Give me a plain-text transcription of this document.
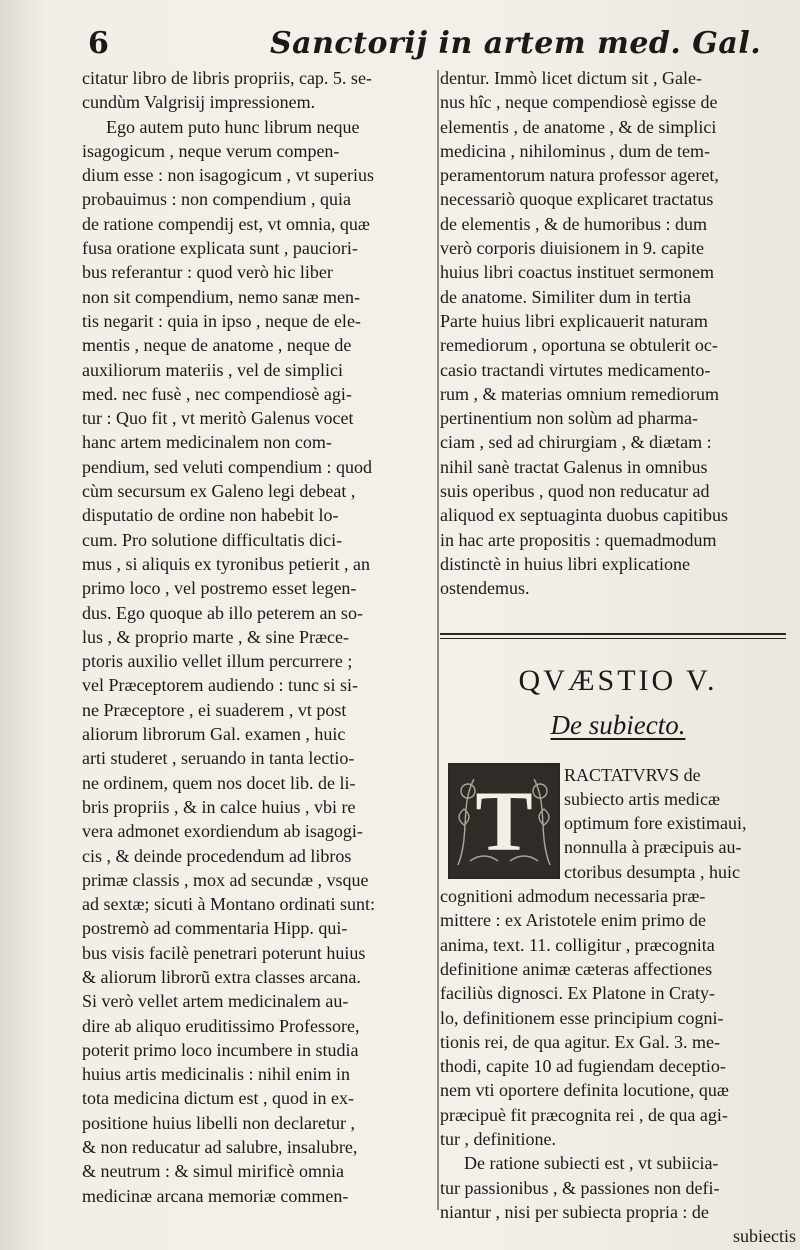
6	Sanctorij in artem med. Gal.
citatur libro de libris propriis, cap. 5. se-
cundùm Valgrisij impressionem.
Ego autem puto hunc librum neque
isagogicum , neque verum compen-
dium esse : non isagogicum , vt superius
probauimus : non compendium , quia
de ratione compendij est, vt omnia, quæ
fusa oratione explicata sunt , pauciori-
bus referantur : quod verò hic liber
non sit compendium, nemo sanæ men-
tis negarit : quia in ipso , neque de ele-
mentis , neque de anatome , neque de
auxiliorum materiis , vel de simplici
med. nec fusè , nec compendiosè agi-
tur : Quo fit , vt meritò Galenus vocet
hanc artem medicinalem non com-
pendium, sed veluti compendium : quod
cùm secursum ex Galeno legi debeat ,
disputatio de ordine non habebit lo-
cum. Pro solutione difficultatis dici-
mus , si aliquis ex tyronibus petierit , an
primo loco , vel postremo esset legen-
dus. Ego quoque ab illo peterem an so-
lus , & proprio marte , & sine Præce-
ptoris auxilio vellet illum percurrere ;
vel Præceptorem audiendo : tunc si si-
ne Præceptore , ei suaderem , vt post
aliorum librorum Gal. examen , huic
arti studeret , seruando in tanta lectio-
ne ordinem, quem nos docet lib. de li-
bris propriis , & in calce huius , vbi re
vera admonet exordiendum ab isagogi-
cis , & deinde procedendum ad libros
primæ classis , mox ad secundæ , vsque
ad sextæ; sicuti à Montano ordinati sunt:
postremò ad commentaria Hipp. qui-
bus visis facilè penetrari poterunt huius
& aliorum librorũ extra classes arcana.
Si verò vellet artem medicinalem au-
dire ab aliquo eruditissimo Professore,
poterit primo loco incumbere in studia
huius artis medicinalis : nihil enim in
tota medicina dictum est , quod in ex-
positione huius libelli non declaretur ,
& non reducatur ad salubre, insalubre,
& neutrum : & simul mirificè omnia
medicinæ arcana memoriæ commen-
dentur. Immò licet dictum sit , Gale-
nus hîc , neque compendiosè egisse de
elementis , de anatome , & de simplici
medicina , nihilominus , dum de tem-
peramentorum natura professor ageret,
necessariò quoque explicaret tractatus
de elementis , & de humoribus : dum
verò corporis diuisionem in 9. capite
huius libri coactus instituet sermonem
de anatome. Similiter dum in tertia
Parte huius libri explicauerit naturam
remediorum , oportuna se obtulerit oc-
casio tractandi virtutes medicamento-
rum , & materias omnium remediorum
pertinentium non solùm ad pharma-
ciam , sed ad chirurgiam , & diætam :
nihil sanè tractat Galenus in omnibus
suis operibus , quod non reducatur ad
aliquod ex septuaginta duobus capitibus
in hac arte propositis : quemadmodum
distinctè in huius libri explicatione
ostendemus.
QVÆSTIO V.
De subiecto.
T RACTATVRVS de
subiecto artis medicæ
optimum fore existimaui,
nonnulla à præcipuis au-
ctoribus desumpta , huic
cognitioni admodum necessaria præ-
mittere : ex Aristotele enim primo de
anima, text. 11. colligitur , præcognita
definitione animæ cæteras affectiones
faciliùs dignosci. Ex Platone in Craty-
lo, definitionem esse principium cogni-
tionis rei, de qua agitur. Ex Gal. 3. me-
thodi, capite 10 ad fugiendam deceptio-
nem vti oportere definita locutione, quæ
præcipuè fit præcognita rei , de qua agi-
tur , definitione.
De ratione subiecti est , vt subiicia-
tur passionibus , & passiones non defi-
niantur , nisi per subiecta propria : de
subiectis
